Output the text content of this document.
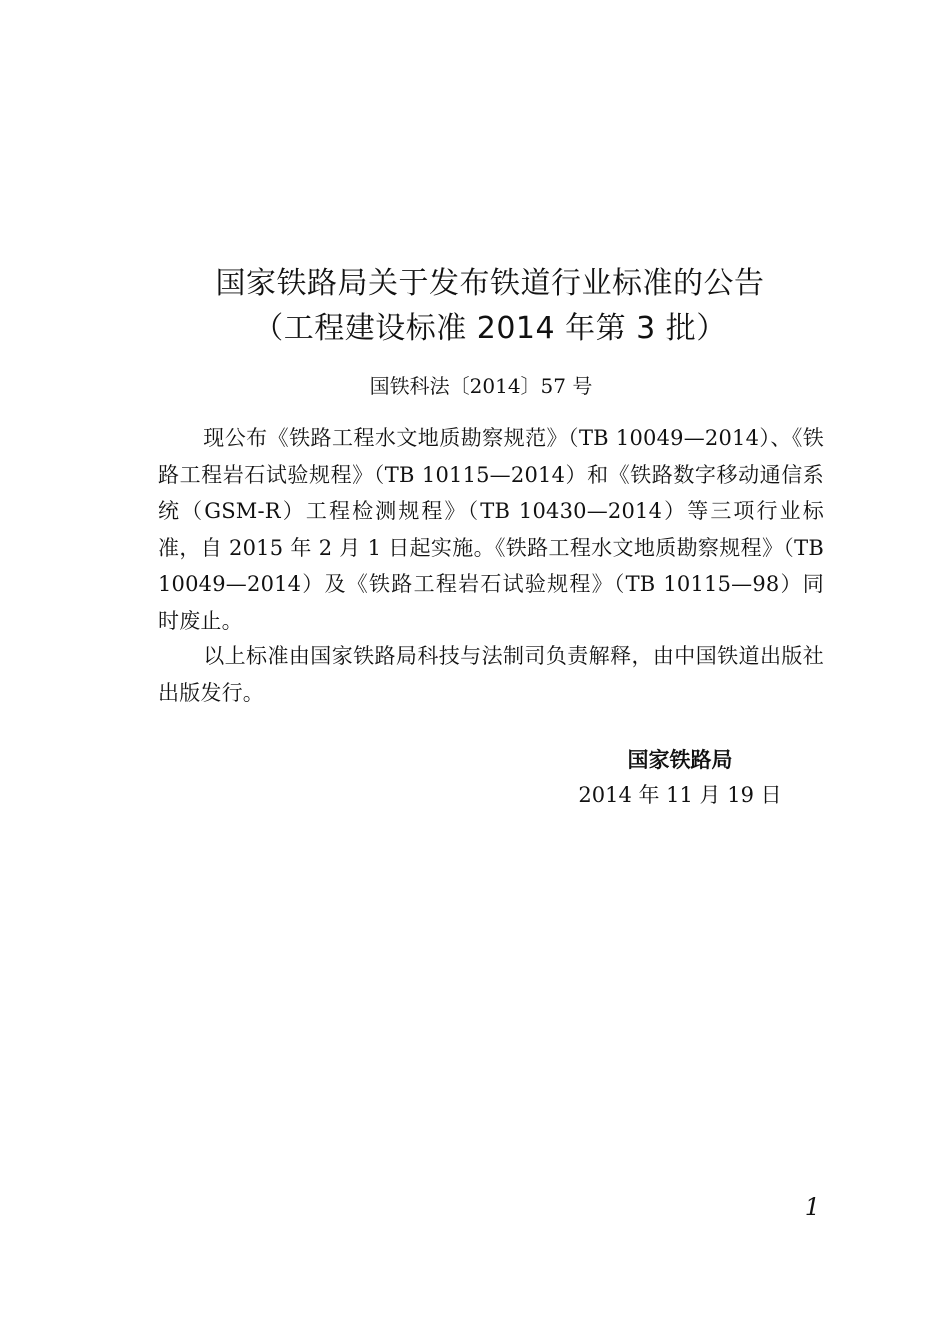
国家铁路局关于发布铁道行业标准的公告
（工程建设标准 2014 年第 3 批）
国铁科法〔2014〕57 号
现公布《铁路工程水文地质勘察规范》（TB 10049—2014）、《铁路工程岩石试验规程》（TB 10115—2014）和《铁路数字移动通信系统（GSM-R）工程检测规程》（TB 10430—2014）等三项行业标准，自 2015 年 2 月 1 日起实施。《铁路工程水文地质勘察规程》（TB 10049—2014）及《铁路工程岩石试验规程》（TB 10115—98）同时废止。
以上标准由国家铁路局科技与法制司负责解释，由中国铁道出版社出版发行。
国家铁路局
2014 年 11 月 19 日
1
